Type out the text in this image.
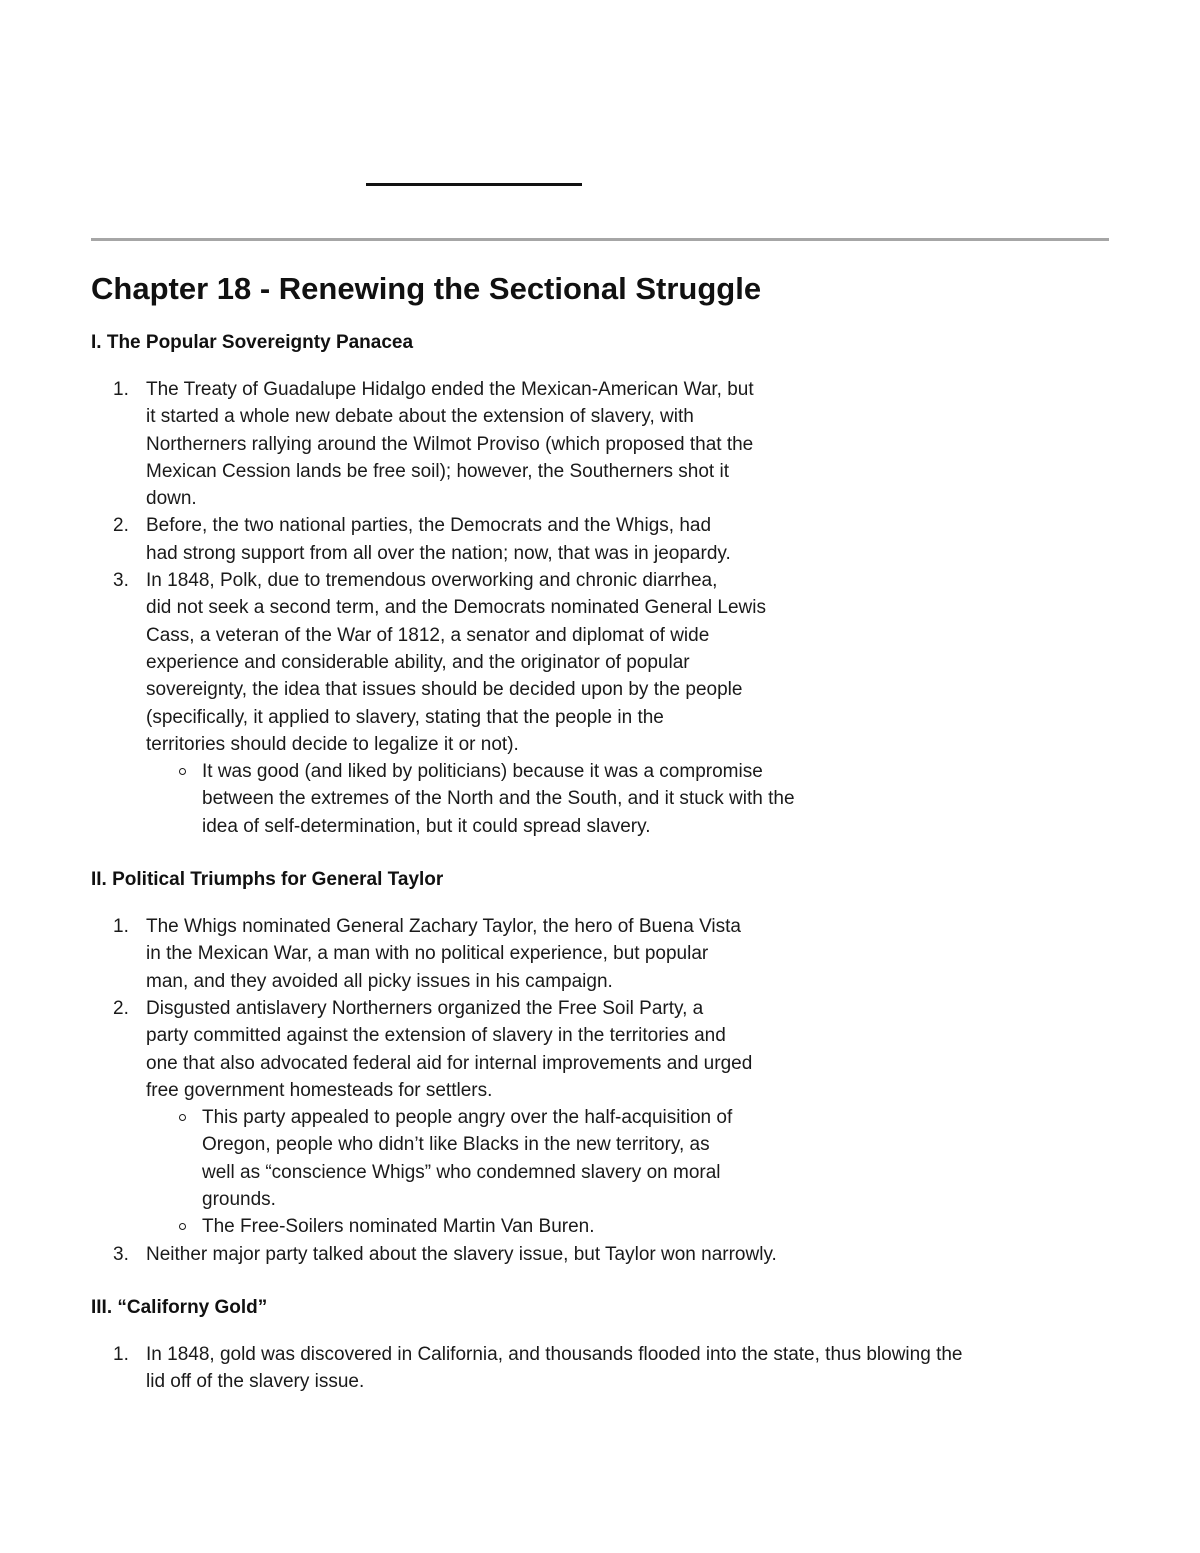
Chapter 18 - Renewing the Sectional Struggle
I. The Popular Sovereignty Panacea
1. The Treaty of Guadalupe Hidalgo ended the Mexican-American War, but
it started a whole new debate about the extension of slavery, with
Northerners rallying around the Wilmot Proviso (which proposed that the
Mexican Cession lands be free soil); however, the Southerners shot it
down.
2. Before, the two national parties, the Democrats and the Whigs, had
had strong support from all over the nation; now, that was in jeopardy.
3. In 1848, Polk, due to tremendous overworking and chronic diarrhea,
did not seek a second term, and the Democrats nominated General Lewis
Cass, a veteran of the War of 1812, a senator and diplomat of wide
experience and considerable ability, and the originator of popular
sovereignty, the idea that issues should be decided upon by the people
(specifically, it applied to slavery, stating that the people in the
territories should decide to legalize it or not).
It was good (and liked by politicians) because it was a compromise
between the extremes of the North and the South, and it stuck with the
idea of self-determination, but it could spread slavery.
II. Political Triumphs for General Taylor
1. The Whigs nominated General Zachary Taylor, the hero of Buena Vista
in the Mexican War, a man with no political experience, but popular
man, and they avoided all picky issues in his campaign.
2. Disgusted antislavery Northerners organized the Free Soil Party, a
party committed against the extension of slavery in the territories and
one that also advocated federal aid for internal improvements and urged
free government homesteads for settlers.
This party appealed to people angry over the half-acquisition of
Oregon, people who didn’t like Blacks in the new territory, as
well as “conscience Whigs” who condemned slavery on moral
grounds.
The Free-Soilers nominated Martin Van Buren.
3. Neither major party talked about the slavery issue, but Taylor won narrowly.
III. “Californy Gold”
1. In 1848, gold was discovered in California, and thousands flooded into the state, thus blowing the
lid off of the slavery issue.
